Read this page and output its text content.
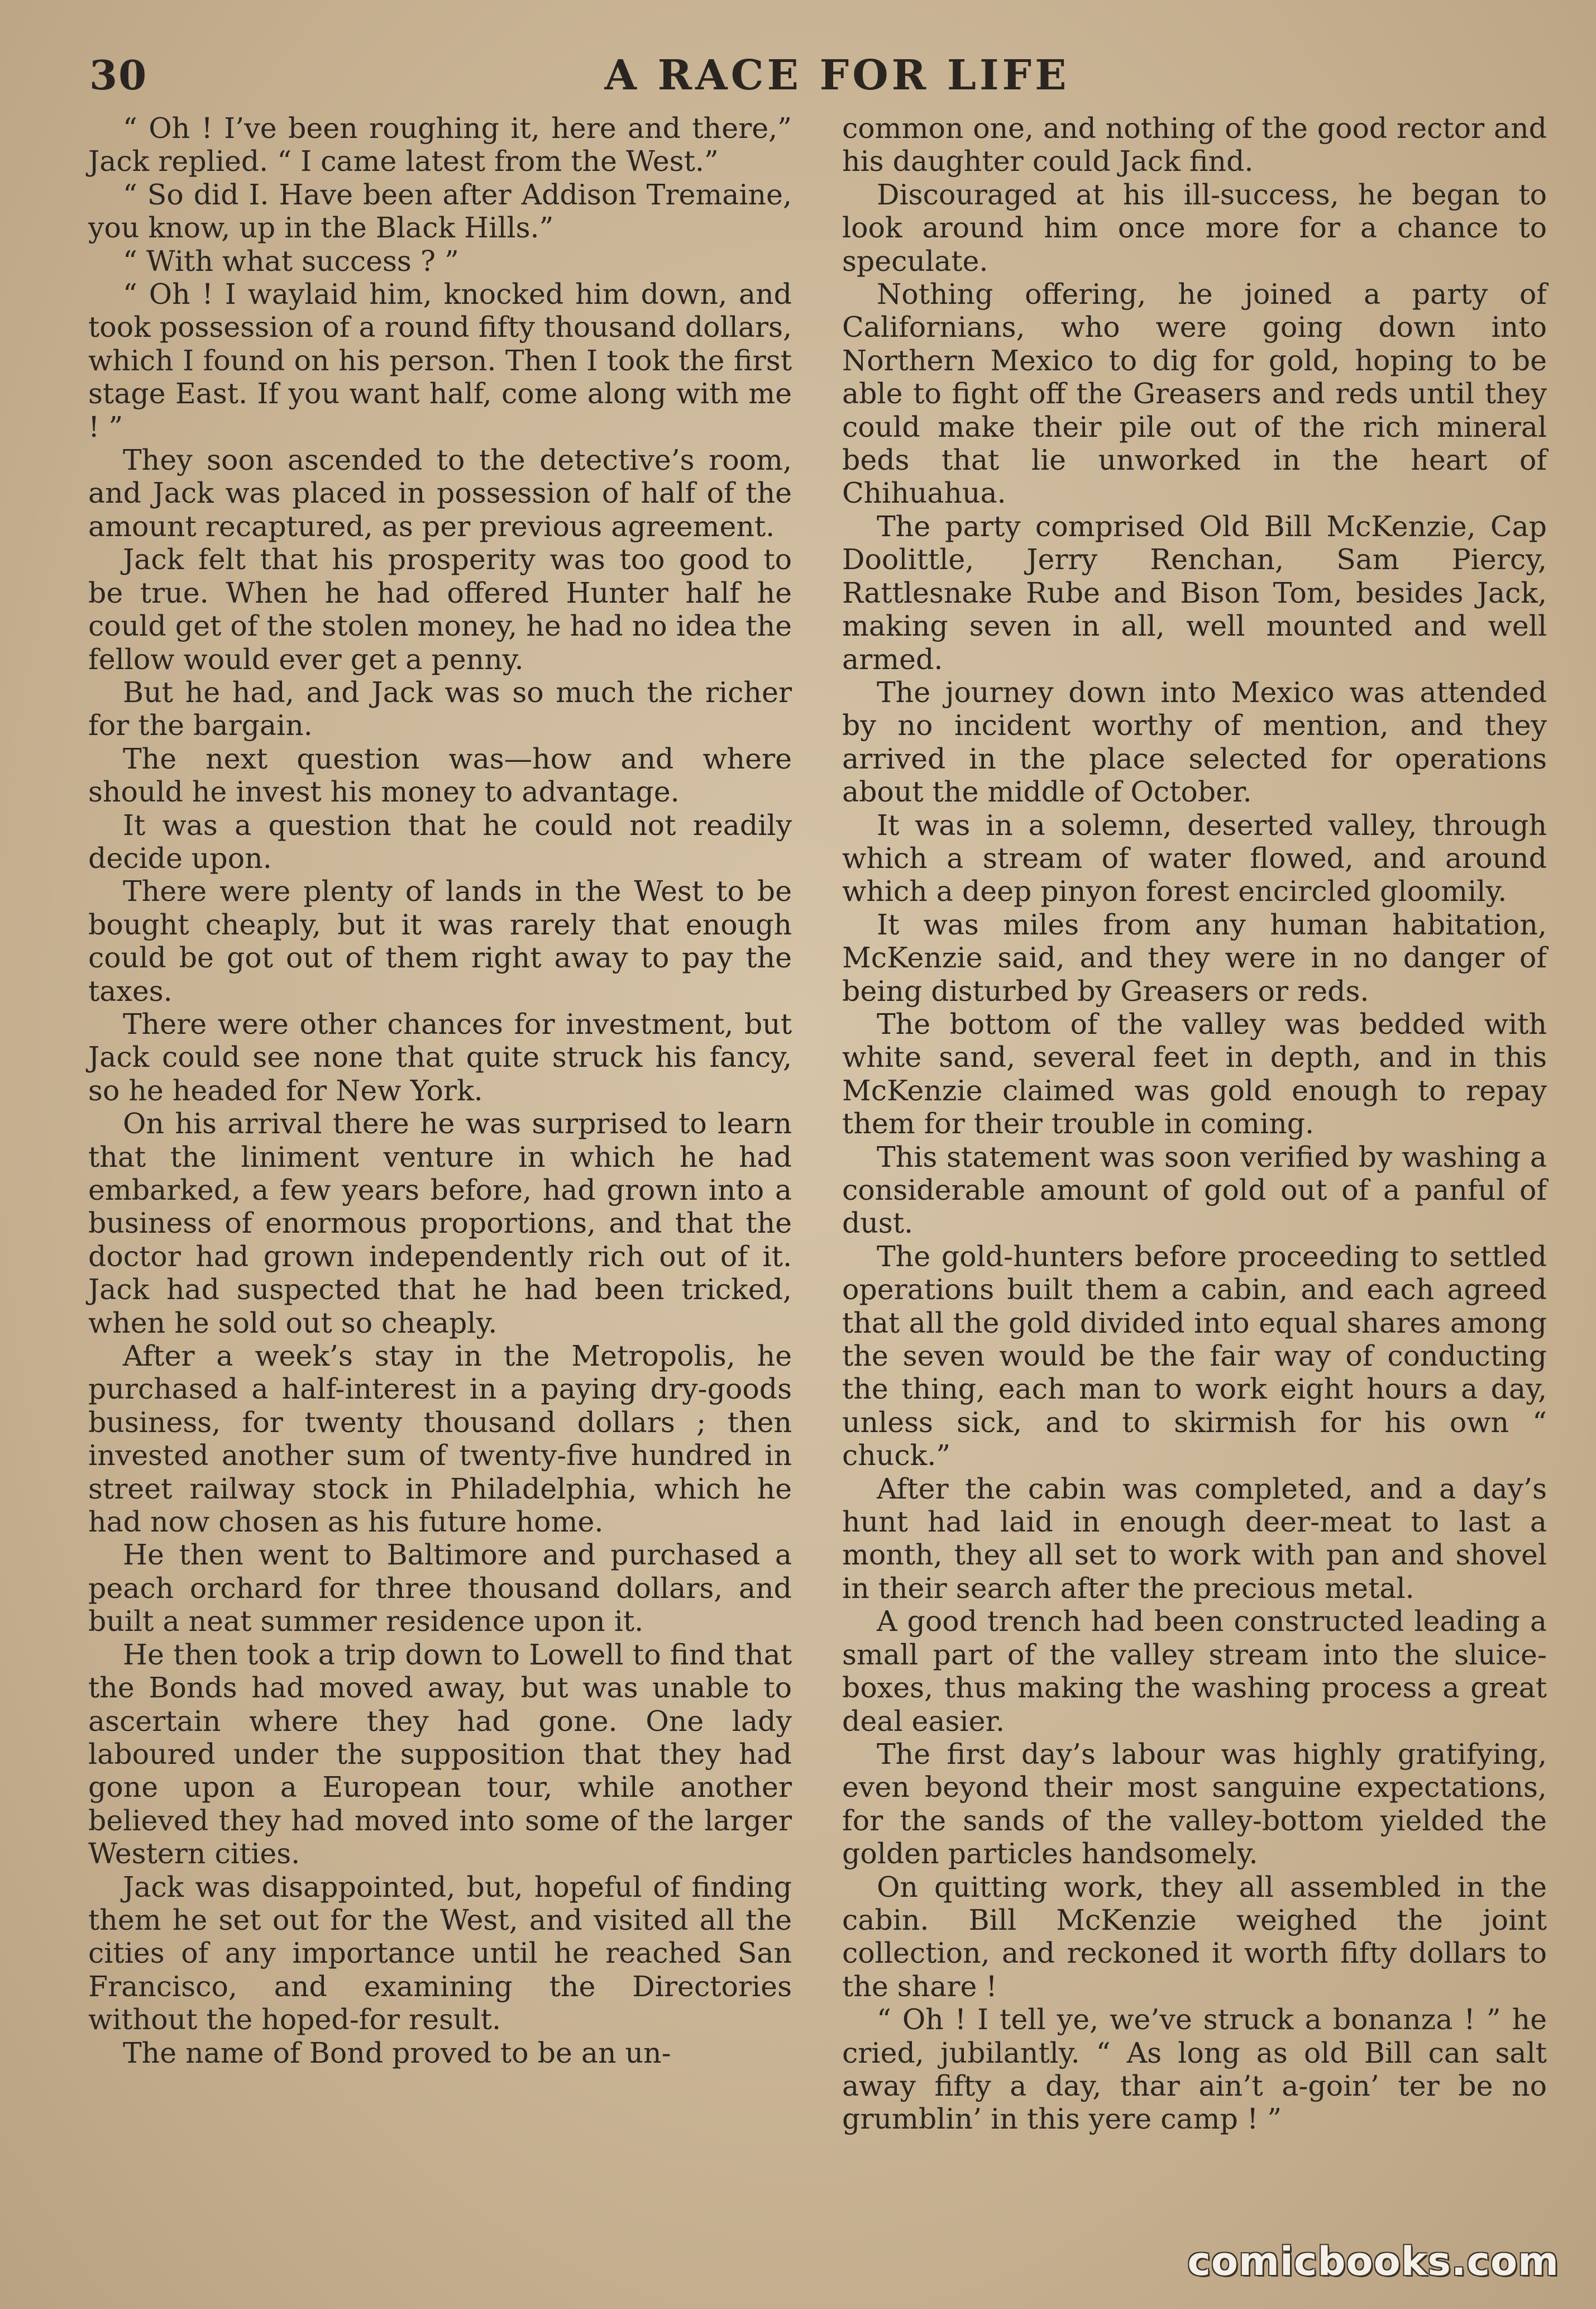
30	A RACE FOR LIFE

“ Oh ! I’ve been roughing it, here and there,” Jack replied. “ I came latest from the West.”

“ So did I. Have been after Addison Tremaine, you know, up in the Black Hills.”

“ With what success ? ”

“ Oh ! I waylaid him, knocked him down, and took possession of a round fifty thousand dollars, which I found on his person. Then I took the first stage East. If you want half, come along with me ! ”

They soon ascended to the detective’s room, and Jack was placed in possession of half of the amount recaptured, as per previous agreement.

Jack felt that his prosperity was too good to be true. When he had offered Hunter half he could get of the stolen money, he had no idea the fellow would ever get a penny.

But he had, and Jack was so much the richer for the bargain.

The next question was—how and where should he invest his money to advantage.

It was a question that he could not readily decide upon.

There were plenty of lands in the West to be bought cheaply, but it was rarely that enough could be got out of them right away to pay the taxes.

There were other chances for investment, but Jack could see none that quite struck his fancy, so he headed for New York.

On his arrival there he was surprised to learn that the liniment venture in which he had embarked, a few years before, had grown into a business of enormous proportions, and that the doctor had grown independently rich out of it. Jack had suspected that he had been tricked, when he sold out so cheaply.

After a week’s stay in the Metropolis, he purchased a half-interest in a paying dry-goods business, for twenty thousand dollars ; then invested another sum of twenty-five hundred in street railway stock in Philadelphia, which he had now chosen as his future home.

He then went to Baltimore and purchased a peach orchard for three thousand dollars, and built a neat summer residence upon it.

He then took a trip down to Lowell to find that the Bonds had moved away, but was unable to ascertain where they had gone. One lady laboured under the supposition that they had gone upon a European tour, while another believed they had moved into some of the larger Western cities.

Jack was disappointed, but, hopeful of finding them he set out for the West, and visited all the cities of any importance until he reached San Francisco, and examining the Directories without the hoped-for result.

The name of Bond proved to be an un-

common one, and nothing of the good rector and his daughter could Jack find.

Discouraged at his ill-success, he began to look around him once more for a chance to speculate.

Nothing offering, he joined a party of Californians, who were going down into Northern Mexico to dig for gold, hoping to be able to fight off the Greasers and reds until they could make their pile out of the rich mineral beds that lie unworked in the heart of Chihuahua.

The party comprised Old Bill McKenzie, Cap Doolittle, Jerry Renchan, Sam Piercy, Rattlesnake Rube and Bison Tom, besides Jack, making seven in all, well mounted and well armed.

The journey down into Mexico was attended by no incident worthy of mention, and they arrived in the place selected for operations about the middle of October.

It was in a solemn, deserted valley, through which a stream of water flowed, and around which a deep pinyon forest encircled gloomily.

It was miles from any human habitation, McKenzie said, and they were in no danger of being disturbed by Greasers or reds.

The bottom of the valley was bedded with white sand, several feet in depth, and in this McKenzie claimed was gold enough to repay them for their trouble in coming.

This statement was soon verified by washing a considerable amount of gold out of a panful of dust.

The gold-hunters before proceeding to settled operations built them a cabin, and each agreed that all the gold divided into equal shares among the seven would be the fair way of conducting the thing, each man to work eight hours a day, unless sick, and to skirmish for his own “ chuck.”

After the cabin was completed, and a day’s hunt had laid in enough deer-meat to last a month, they all set to work with pan and shovel in their search after the precious metal.

A good trench had been constructed leading a small part of the valley stream into the sluice-boxes, thus making the washing process a great deal easier.

The first day’s labour was highly gratifying, even beyond their most sanguine expectations, for the sands of the valley-bottom yielded the golden particles handsomely.

On quitting work, they all assembled in the cabin. Bill McKenzie weighed the joint collection, and reckoned it worth fifty dollars to the share !

“ Oh ! I tell ye, we’ve struck a bonanza ! ” he cried, jubilantly. “ As long as old Bill can salt away fifty a day, thar ain’t a-goin’ ter be no grumblin’ in this yere camp ! ”

comicbooks.com
